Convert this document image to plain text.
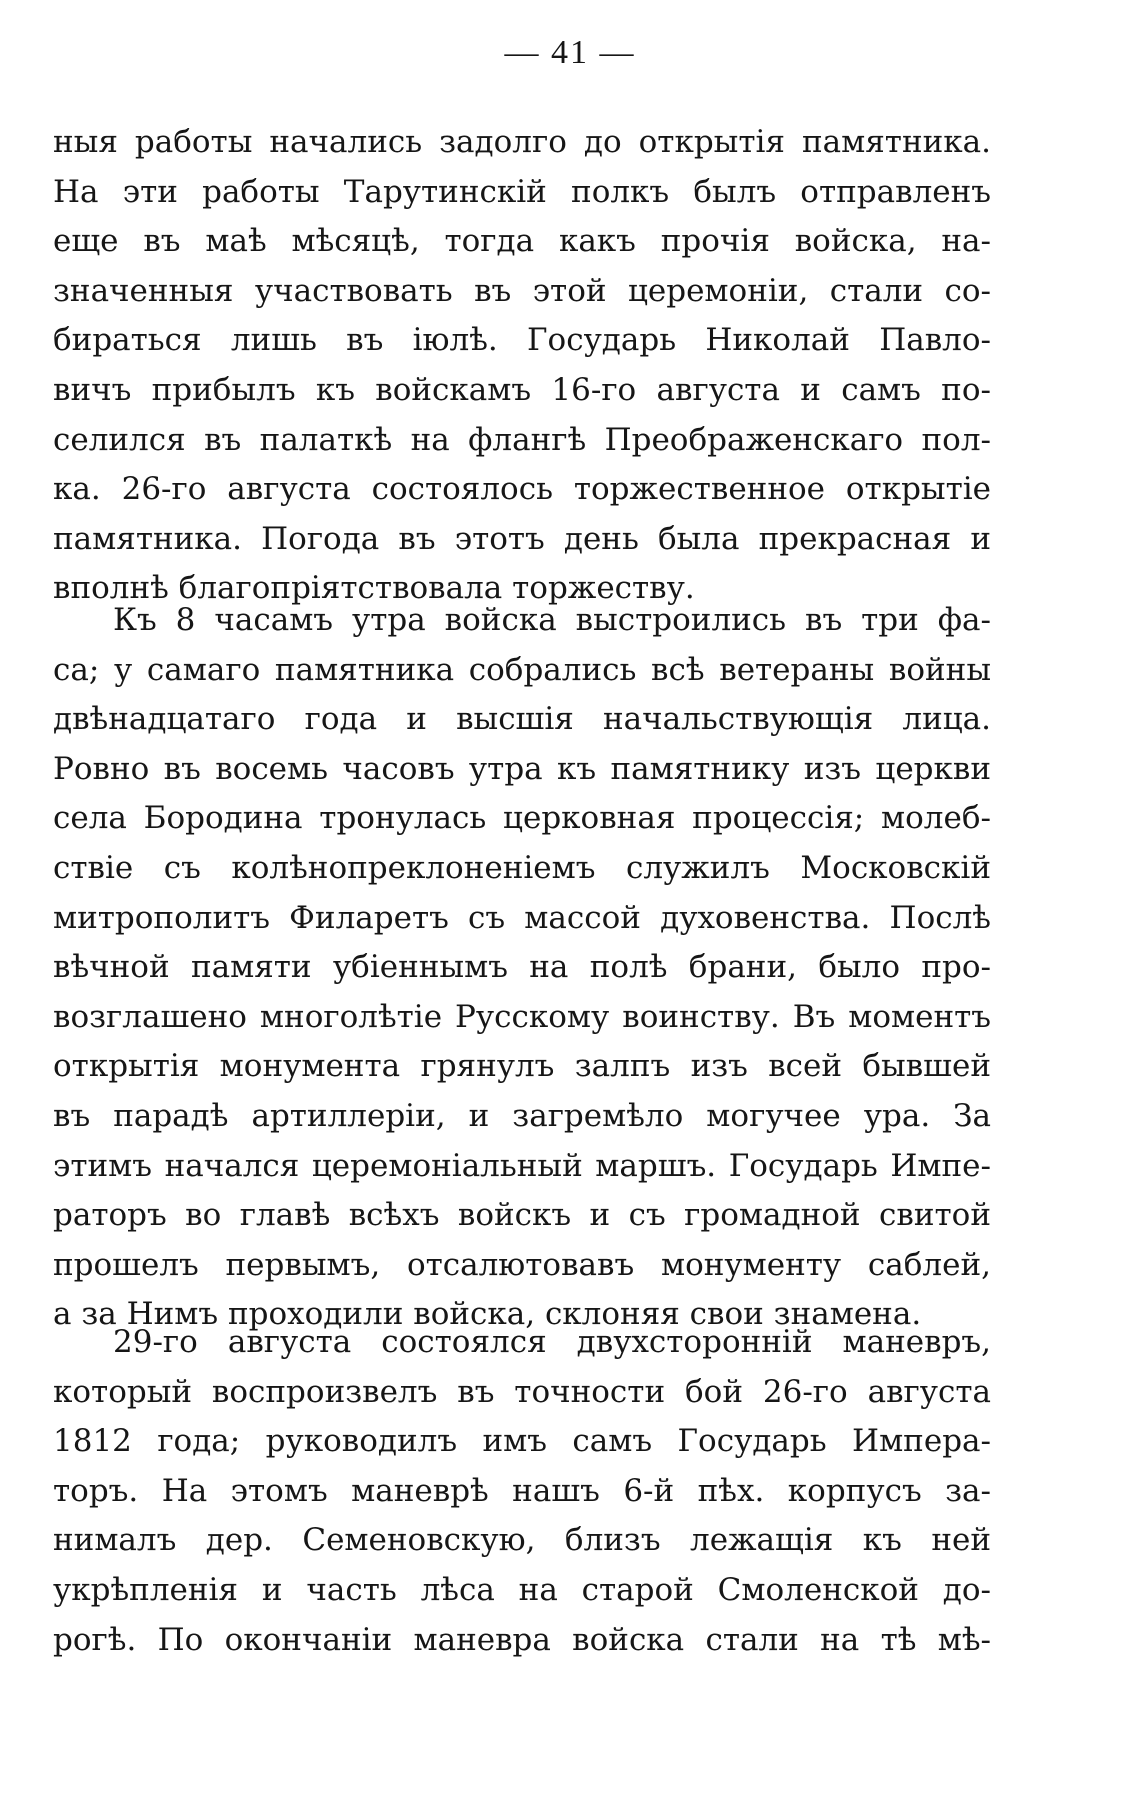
— 41 —
ныя работы начались задолго до открытія памятника.
На эти работы Тарутинскій полкъ былъ отправленъ
еще въ маѣ мѣсяцѣ, тогда какъ прочія войска, на-
значенныя участвовать въ этой церемоніи, стали со-
бираться лишь въ іюлѣ. Государь Николай Павло-
вичъ прибылъ къ войскамъ 16-го августа и самъ по-
селился въ палаткѣ на флангѣ Преображенскаго пол-
ка. 26-го августа состоялось торжественное открытіе
памятника. Погода въ этотъ день была прекрасная и
вполнѣ благопріятствовала торжеству.
Къ 8 часамъ утра войска выстроились въ три фа-
са; у самаго памятника собрались всѣ ветераны войны
двѣнадцатаго года и высшія начальствующія лица.
Ровно въ восемь часовъ утра къ памятнику изъ церкви
села Бородина тронулась церковная процессія; молеб-
ствіе съ колѣнопреклоненіемъ служилъ Московскій
митрополитъ Филаретъ съ массой духовенства. Послѣ
вѣчной памяти убіеннымъ на полѣ брани, было про-
возглашено многолѣтіе Русскому воинству. Въ моментъ
открытія монумента грянулъ залпъ изъ всей бывшей
въ парадѣ артиллеріи, и загремѣло могучее ура. За
этимъ начался церемоніальный маршъ. Государь Импе-
раторъ во главѣ всѣхъ войскъ и съ громадной свитой
прошелъ первымъ, отсалютовавъ монументу саблей,
а за Нимъ проходили войска, склоняя свои знамена.
29-го августа состоялся двухсторонній маневръ,
который воспроизвелъ въ точности бой 26-го августа
1812 года; руководилъ имъ самъ Государь Импера-
торъ. На этомъ маневрѣ нашъ 6-й пѣх. корпусъ за-
нималъ дер. Семеновскую, близъ лежащія къ ней
укрѣпленія и часть лѣса на старой Смоленской до-
рогѣ. По окончаніи маневра войска стали на тѣ мѣ-
